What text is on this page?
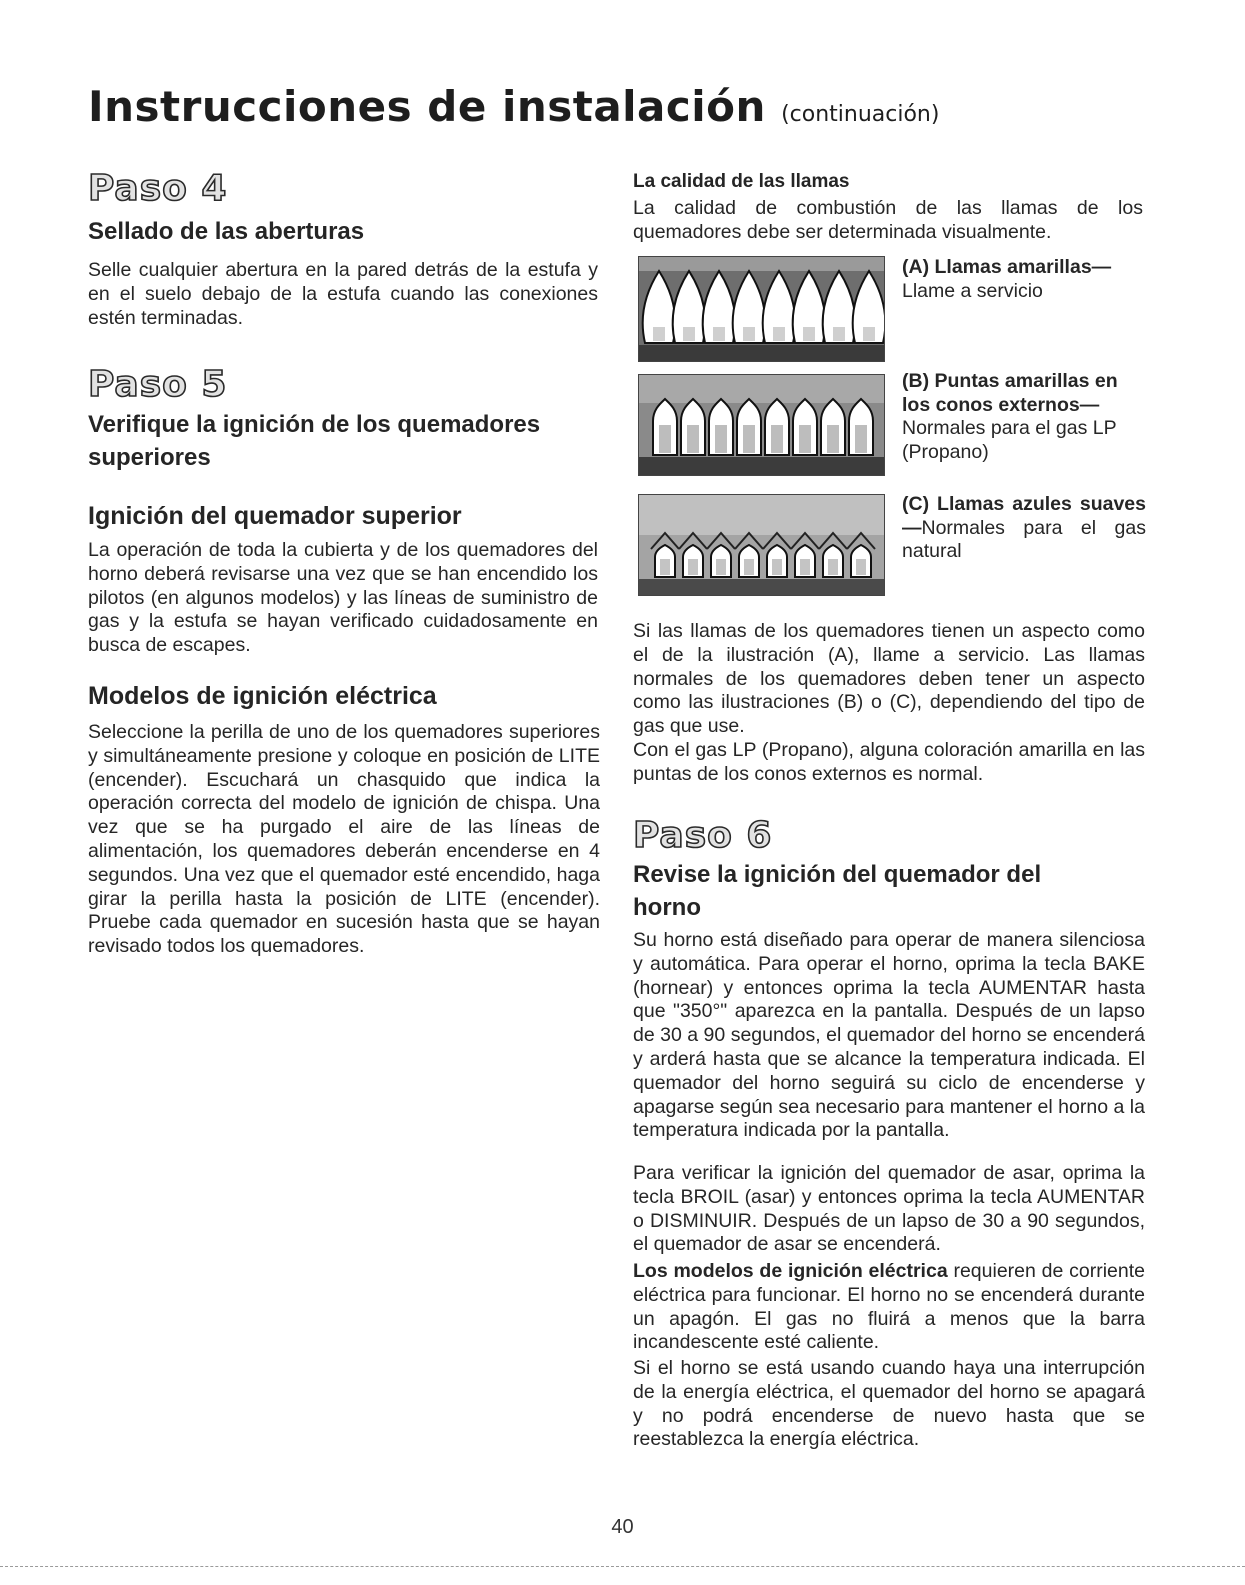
Instrucciones de instalación (continuación)
Paso 4
Sellado de las aberturas

Selle cualquier abertura en la pared detrás de la estufa y en el suelo debajo de la estufa cuando las conexiones estén terminadas.

Paso 5
Verifique la ignición de los quemadores superiores
Ignición del quemador superior

La operación de toda la cubierta y de los quemadores del horno deberá revisarse una vez que se han encendido los pilotos (en algunos modelos) y las líneas de suministro de gas y la estufa se hayan verificado cuidadosamente en busca de escapes.

Modelos de ignición eléctrica

Seleccione la perilla de uno de los quemadores superiores y simultáneamente presione y coloque en posición de LITE (encender). Escuchará un chasquido que indica la operación correcta del modelo de ignición de chispa. Una vez que se ha purgado el aire de las líneas de alimentación, los quemadores deberán encenderse en 4 segundos. Una vez que el quemador esté encendido, haga girar la perilla hasta la posición de LITE (encender). Pruebe cada quemador en sucesión hasta que se hayan revisado todos los quemadores.

La calidad de las llamas

La calidad de combustión de las llamas de los quemadores debe ser determinada visualmente.

(A) Llamas amarillas—
Llame a servicio
(B) Puntas amarillas en los conos externos—
Normales para el gas LP (Propano)
(C) Llamas azules suaves—Normales para el gas natural

Si las llamas de los quemadores tienen un aspecto como el de la ilustración (A), llame a servicio. Las llamas normales de los quemadores deben tener un aspecto como las ilustraciones (B) o (C), dependiendo del tipo de gas que use.

Con el gas LP (Propano), alguna coloración amarilla en las puntas de los conos externos es normal.

Paso 6
Revise la ignición del quemador del horno

Su horno está diseñado para operar de manera silenciosa y automática. Para operar el horno, oprima la tecla BAKE (hornear) y entonces oprima la tecla AUMENTAR hasta que "350°" aparezca en la pantalla. Después de un lapso de 30 a 90 segundos, el quemador del horno se encenderá y arderá hasta que se alcance la temperatura indicada. El quemador del horno seguirá su ciclo de encenderse y apagarse según sea necesario para mantener el horno a la temperatura indicada por la pantalla.

Para verificar la ignición del quemador de asar, oprima la tecla BROIL (asar) y entonces oprima la tecla AUMENTAR o DISMINUIR. Después de un lapso de 30 a 90 segundos, el quemador de asar se encenderá.

Los modelos de ignición eléctrica requieren de corriente eléctrica para funcionar. El horno no se encenderá durante un apagón. El gas no fluirá a menos que la barra incandescente esté caliente.

Si el horno se está usando cuando haya una interrupción de la energía eléctrica, el quemador del horno se apagará y no podrá encenderse de nuevo hasta que se reestablezca la energía eléctrica.

40
